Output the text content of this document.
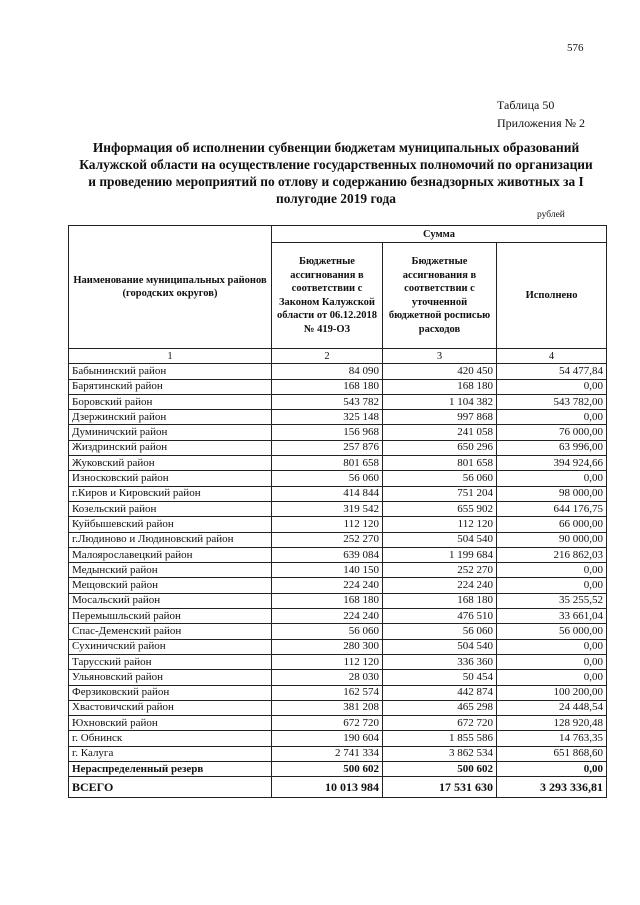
576
Таблица 50
Приложения № 2
Информация об исполнении субвенции бюджетам муниципальных образований
Калужской области на осуществление государственных полномочий по организации
и проведению мероприятий по отлову и содержанию безнадзорных животных за I
полугодие 2019 года
рублей
Наименование муниципальных районов (городских округов)	Сумма		
	Бюджетные ассигнования в соответствии с Законом Калужской области от 06.12.2018 № 419-ОЗ	Бюджетные ассигнования в соответствии с уточненной бюджетной росписью расходов	Исполнено
1	2	3	4
Бабынинский район	84 090	420 450	54 477,84
Барятинский район	168 180	168 180	0,00
Боровский район	543 782	1 104 382	543 782,00
Дзержинский район	325 148	997 868	0,00
Думиничский район	156 968	241 058	76 000,00
Жиздринский район	257 876	650 296	63 996,00
Жуковский район	801 658	801 658	394 924,66
Износковский район	56 060	56 060	0,00
г.Киров и Кировский район	414 844	751 204	98 000,00
Козельский район	319 542	655 902	644 176,75
Куйбышевский район	112 120	112 120	66 000,00
г.Людиново и Людиновский район	252 270	504 540	90 000,00
Малоярославецкий район	639 084	1 199 684	216 862,03
Медынский район	140 150	252 270	0,00
Мещовский район	224 240	224 240	0,00
Мосальский район	168 180	168 180	35 255,52
Перемышльский район	224 240	476 510	33 661,04
Спас-Деменский район	56 060	56 060	56 000,00
Сухиничский район	280 300	504 540	0,00
Тарусский район	112 120	336 360	0,00
Ульяновский район	28 030	50 454	0,00
Ферзиковский район	162 574	442 874	100 200,00
Хвастовичский район	381 208	465 298	24 448,54
Юхновский район	672 720	672 720	128 920,48
г. Обнинск	190 604	1 855 586	14 763,35
г. Калуга	2 741 334	3 862 534	651 868,60
Нераспределенный резерв	500 602	500 602	0,00
ВСЕГО	10 013 984	17 531 630	3 293 336,81
